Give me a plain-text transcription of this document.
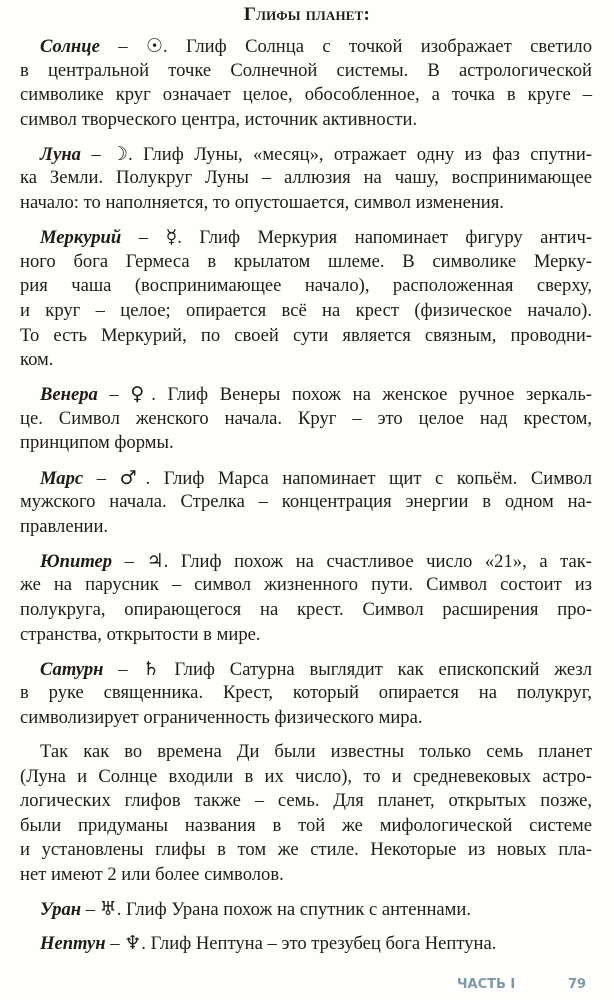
Глифы планет:
Солнце – ☉. Глиф Солнца с точкой изображает светило
в центральной точке Солнечной системы. В астрологической
символике круг означает целое, обособленное, а точка в круге –
символ творческого центра, источник активности.
Луна – ☽. Глиф Луны, «месяц», отражает одну из фаз спутни-
ка Земли. Полукруг Луны – аллюзия на чашу, воспринимающее
начало: то наполняется, то опустошается, символ изменения.
Меркурий – ☿. Глиф Меркурия напоминает фигуру антич-
ного бога Гермеса в крылатом шлеме. В символике Мерку-
рия чаша (воспринимающее начало), расположенная сверху,
и круг – целое; опирается всё на крест (физическое начало).
То есть Меркурий, по своей сути является связным, проводни-
ком.
Венера – ♀. Глиф Венеры похож на женское ручное зеркаль-
це. Символ женского начала. Круг – это целое над крестом,
принципом формы.
Марс – ♂. Глиф Марса напоминает щит с копьём. Символ
мужского начала. Стрелка – концентрация энергии в одном на-
правлении.
Юпитер – ♃. Глиф похож на счастливое число «21», а так-
же на парусник – символ жизненного пути. Символ состоит из
полукруга, опирающегося на крест. Символ расширения про-
странства, открытости в мире.
Сатурн – ♄ Глиф Сатурна выглядит как епископский жезл
в руке священника. Крест, который опирается на полукруг,
символизирует ограниченность физического мира.
Так как во времена Ди были известны только семь планет
(Луна и Солнце входили в их число), то и средневековых астро-
логических глифов также – семь. Для планет, открытых позже,
были придуманы названия в той же мифологической системе
и установлены глифы в том же стиле. Некоторые из новых пла-
нет имеют 2 или более символов.
Уран – ♅. Глиф Урана похож на спутник с антеннами.
Нептун – ♆. Глиф Нептуна – это трезубец бога Нептуна.
ЧАСТЬ I	79
